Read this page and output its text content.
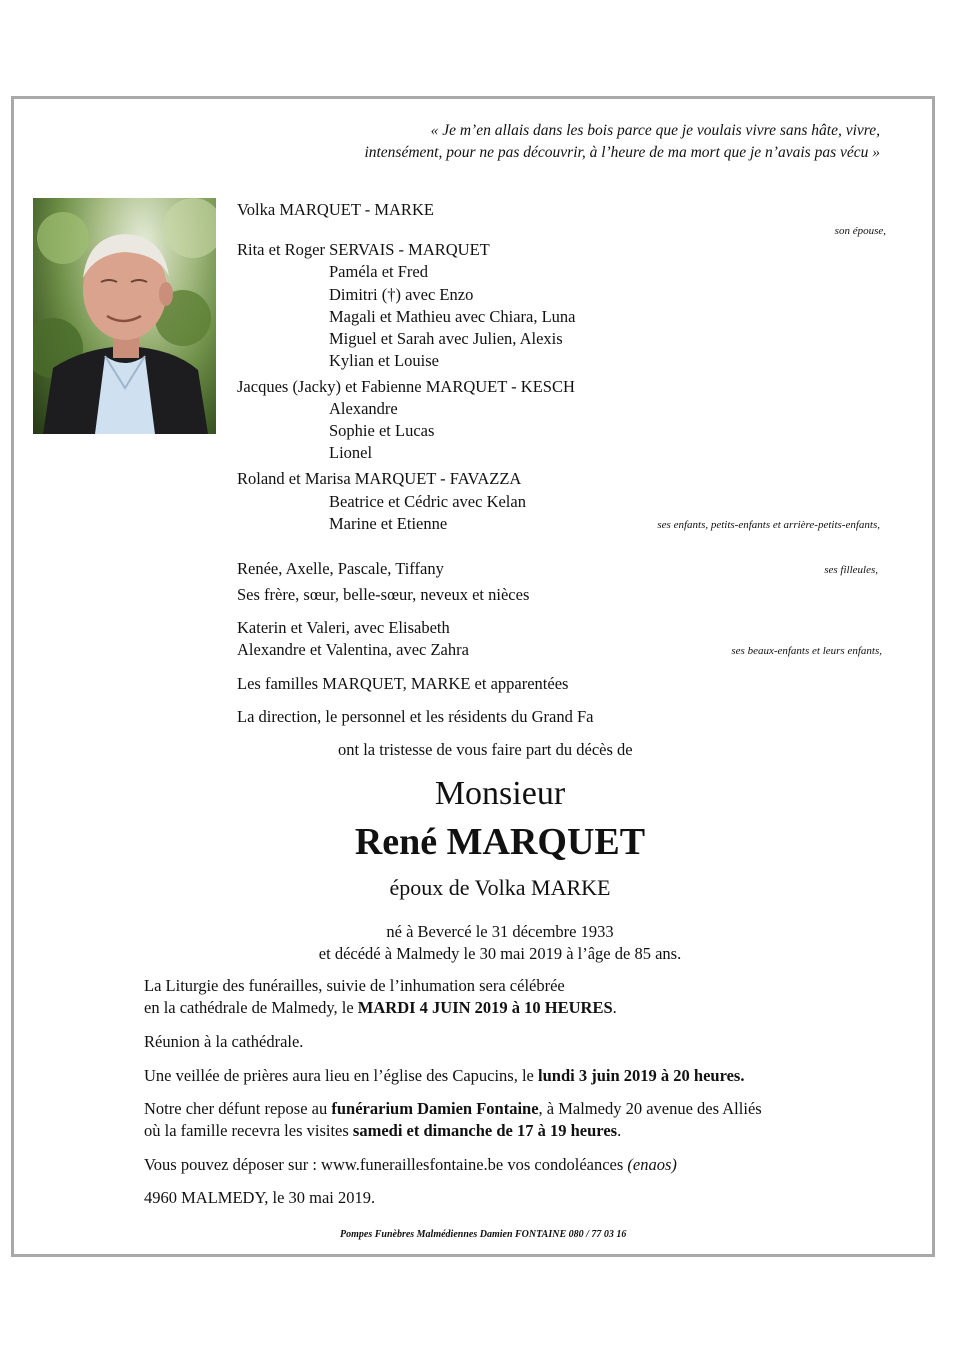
« Je m’en allais dans les bois parce que je voulais vivre sans hâte, vivre,
intensément, pour ne pas découvrir, à l’heure de ma mort que je n’avais pas vécu »
Volka MARQUET - MARKE
son épouse,
Rita et Roger SERVAIS - MARQUET
Paméla et Fred
Dimitri (†) avec Enzo
Magali et Mathieu avec Chiara, Luna
Miguel et Sarah avec Julien, Alexis
Kylian et Louise
Jacques (Jacky) et Fabienne MARQUET - KESCH
Alexandre
Sophie et Lucas
Lionel
Roland et Marisa MARQUET - FAVAZZA
Beatrice et Cédric avec Kelan
Marine et Etienne	ses enfants, petits-enfants et arrière-petits-enfants,
Renée, Axelle, Pascale, Tiffany	ses filleules,
Ses frère, sœur, belle-sœur, neveux et nièces
Katerin et Valeri, avec Elisabeth
Alexandre et Valentina, avec Zahra	ses beaux-enfants et leurs enfants,
Les familles MARQUET, MARKE et apparentées
La direction, le personnel et les résidents du Grand Fa
ont la tristesse de vous faire part du décès de
Monsieur
René MARQUET
époux de Volka MARKE
né à Bevercé le 31 décembre 1933
et décédé à Malmedy le 30 mai 2019 à l’âge de 85 ans.
La Liturgie des funérailles, suivie de l’inhumation sera célébrée
en la cathédrale de Malmedy, le MARDI 4 JUIN 2019 à 10 HEURES.
Réunion à la cathédrale.
Une veillée de prières aura lieu en l’église des Capucins, le lundi 3 juin 2019 à 20 heures.
Notre cher défunt repose au funérarium Damien Fontaine, à Malmedy 20 avenue des Alliés
où la famille recevra les visites samedi et dimanche de 17 à 19 heures.
Vous pouvez déposer sur : www.funeraillesfontaine.be vos condoléances (enaos)
4960 MALMEDY, le 30 mai 2019.
Pompes Funèbres Malmédiennes Damien FONTAINE 080 / 77 03 16
